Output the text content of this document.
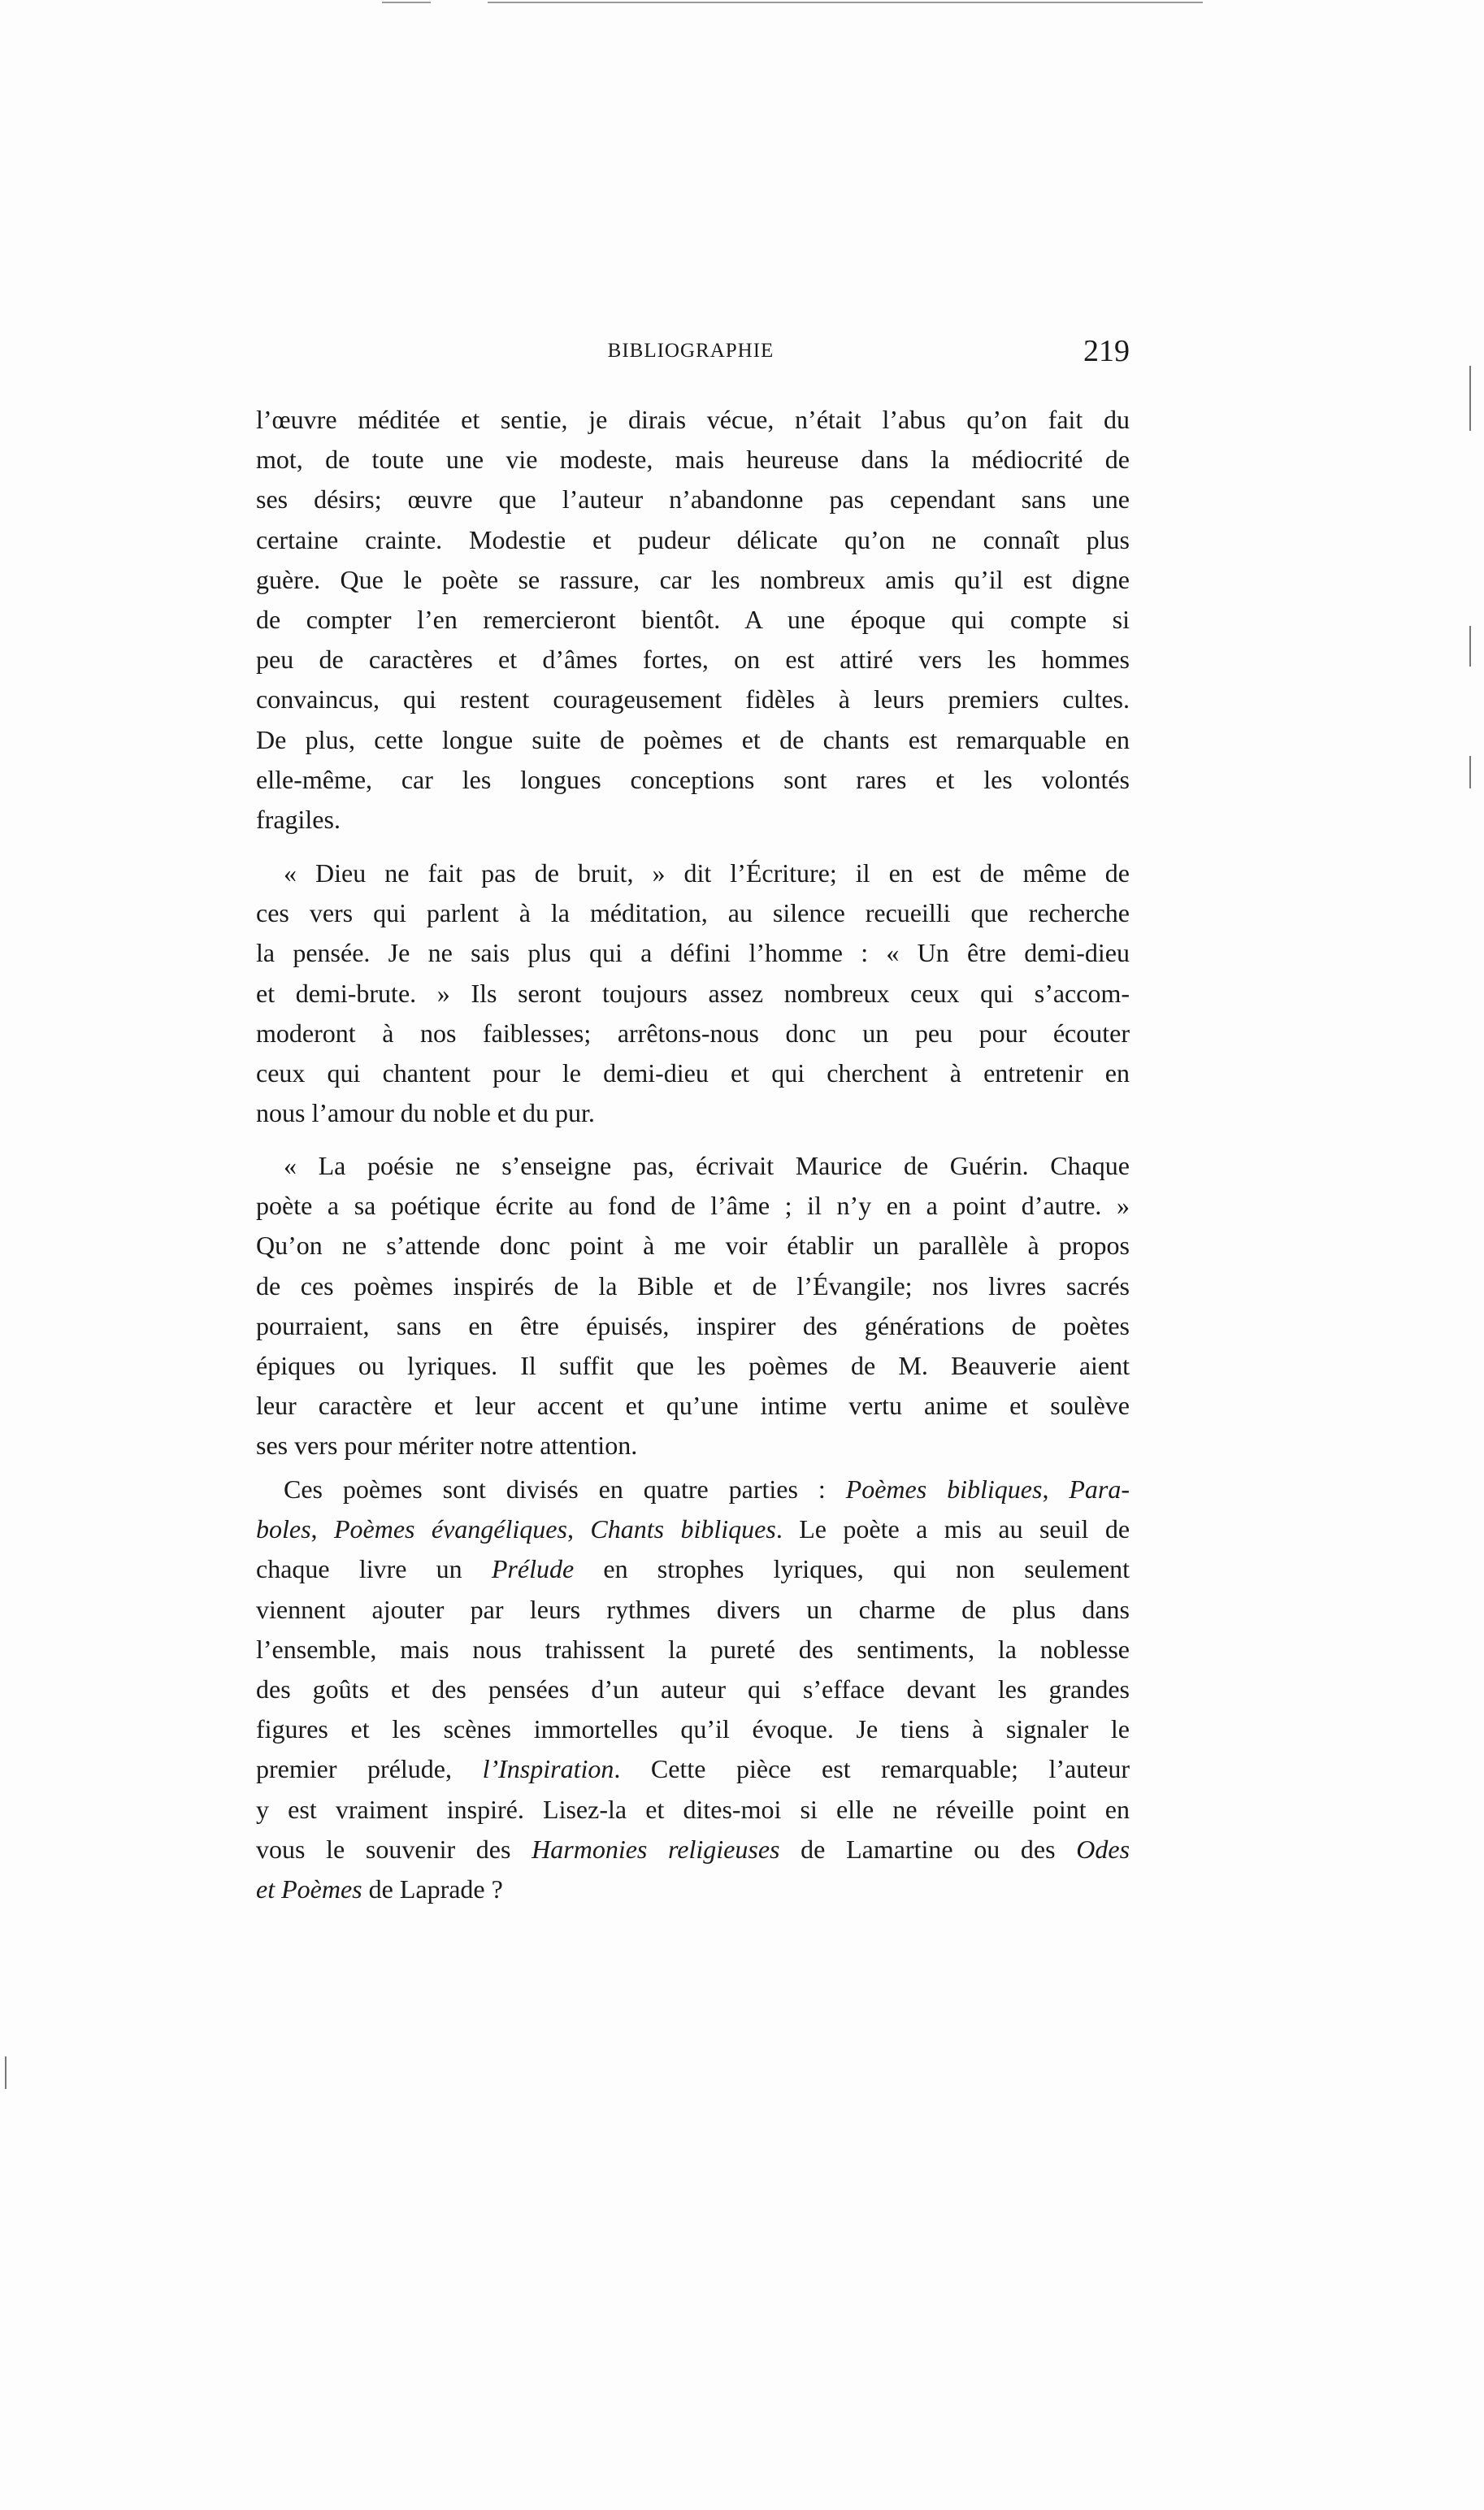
BIBLIOGRAPHIE	219
l’œuvre méditée et sentie, je dirais vécue, n’était l’abus qu’on fait du
mot, de toute une vie modeste, mais heureuse dans la médiocrité de
ses désirs; œuvre que l’auteur n’abandonne pas cependant sans une
certaine crainte. Modestie et pudeur délicate qu’on ne connaît plus
guère. Que le poète se rassure, car les nombreux amis qu’il est digne
de compter l’en remercieront bientôt. A une époque qui compte si
peu de caractères et d’âmes fortes, on est attiré vers les hommes
convaincus, qui restent courageusement fidèles à leurs premiers cultes.
De plus, cette longue suite de poèmes et de chants est remarquable en
elle-même, car les longues conceptions sont rares et les volontés
fragiles.
« Dieu ne fait pas de bruit, » dit l’Écriture; il en est de même de
ces vers qui parlent à la méditation, au silence recueilli que recherche
la pensée. Je ne sais plus qui a défini l’homme : « Un être demi-dieu
et demi-brute. » Ils seront toujours assez nombreux ceux qui s’accom-
moderont à nos faiblesses; arrêtons-nous donc un peu pour écouter
ceux qui chantent pour le demi-dieu et qui cherchent à entretenir en
nous l’amour du noble et du pur.
« La poésie ne s’enseigne pas, écrivait Maurice de Guérin. Chaque
poète a sa poétique écrite au fond de l’âme ; il n’y en a point d’autre. »
Qu’on ne s’attende donc point à me voir établir un parallèle à propos
de ces poèmes inspirés de la Bible et de l’Évangile; nos livres sacrés
pourraient, sans en être épuisés, inspirer des générations de poètes
épiques ou lyriques. Il suffit que les poèmes de M. Beauverie aient
leur caractère et leur accent et qu’une intime vertu anime et soulève
ses vers pour mériter notre attention.
Ces poèmes sont divisés en quatre parties : Poèmes bibliques, Para-
boles, Poèmes évangéliques, Chants bibliques. Le poète a mis au seuil de
chaque livre un Prélude en strophes lyriques, qui non seulement
viennent ajouter par leurs rythmes divers un charme de plus dans
l’ensemble, mais nous trahissent la pureté des sentiments, la noblesse
des goûts et des pensées d’un auteur qui s’efface devant les grandes
figures et les scènes immortelles qu’il évoque. Je tiens à signaler le
premier prélude, l’Inspiration. Cette pièce est remarquable; l’auteur
y est vraiment inspiré. Lisez-la et dites-moi si elle ne réveille point en
vous le souvenir des Harmonies religieuses de Lamartine ou des Odes
et Poèmes de Laprade ?
